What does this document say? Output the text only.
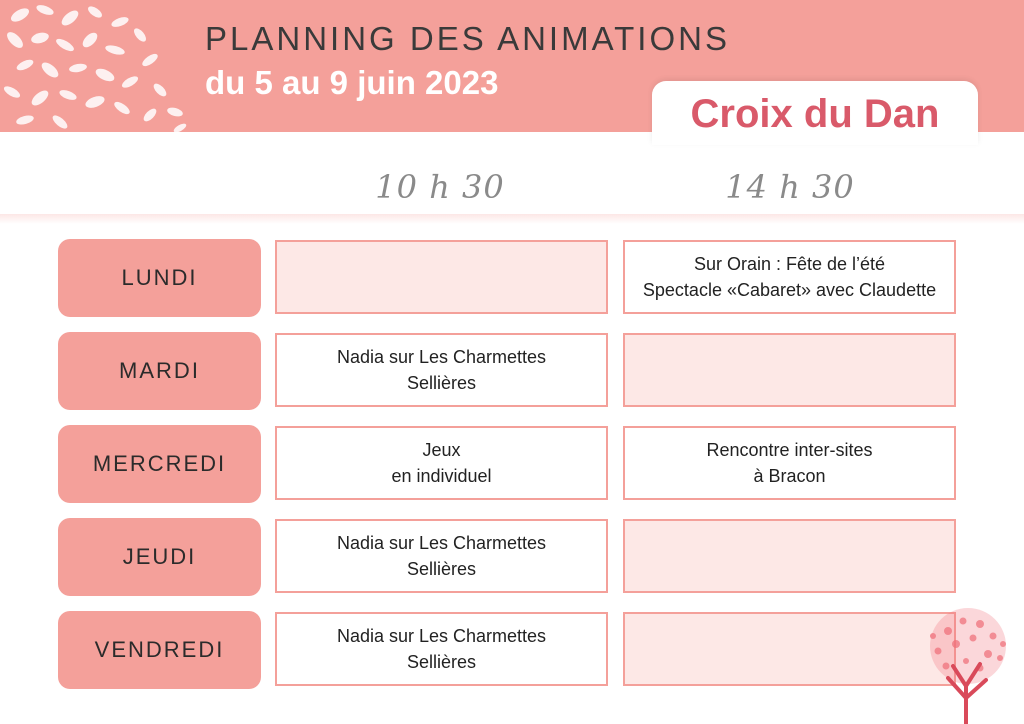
PLANNING DES ANIMATIONS
du 5 au 9 juin 2023
Croix du Dan
10 h 30	14 h 30
LUNDI
Sur Orain : Fête de l’été
Spectacle «Cabaret» avec Claudette
MARDI
Nadia sur Les Charmettes
Sellières
MERCREDI
Jeux
en individuel
Rencontre inter-sites
à Bracon
JEUDI
Nadia sur Les Charmettes
Sellières
VENDREDI
Nadia sur Les Charmettes
Sellières
